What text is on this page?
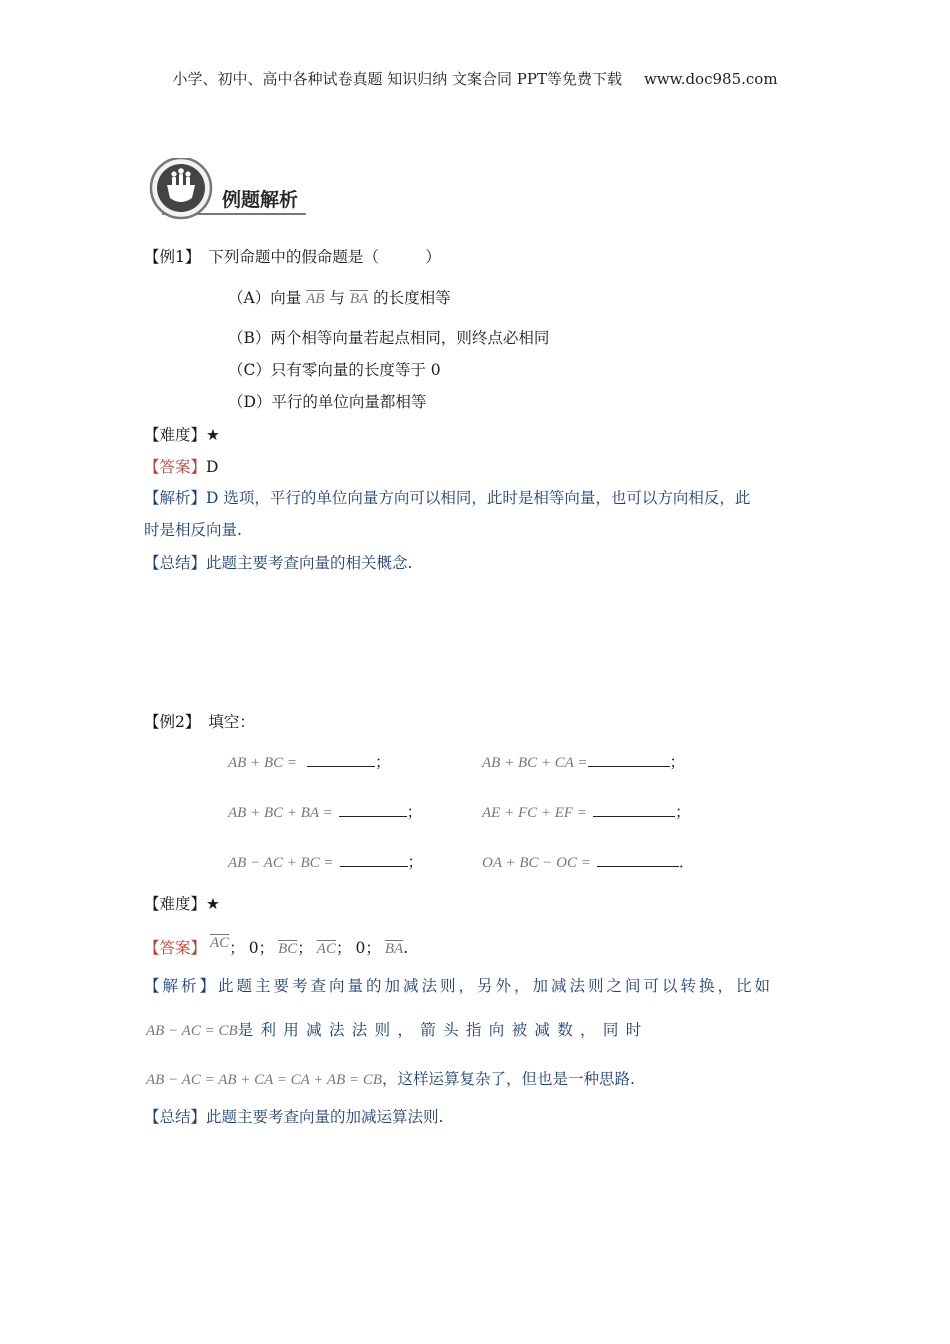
小学、初中、高中各种试卷真题 知识归纳 文案合同 PPT等免费下载 www.doc985.com
例题解析
【例1】 下列命题中的假命题是（　　　）
（A）向量 $\overline{AB}$ 与 $\overline{BA}$ 的长度相等
（B）两个相等向量若起点相同，则终点必相同
（C）只有零向量的长度等于 0
（D）平行的单位向量都相等
【难度】★
【答案】D
【解析】D 选项，平行的单位向量方向可以相同，此时是相等向量，也可以方向相反，此
时是相反向量.
【总结】此题主要考查向量的相关概念.
【例2】 填空：
AB + BC =	；	AB + BC + CA =	；
AB + BC + BA =	；	AE + FC + EF =	；
AB − AC + BC =	；	OA + BC − OC =	．
【难度】★
【答案】 $\overline{AC}$； 0； $\overline{BC}$； $\overline{AC}$； 0； $\overline{BA}$.
【解析】此题主要考查向量的加减法则，另外，加减法则之间可以转换，比如
AB − AC = CB是 利 用 减 法 法 则 ， 箭 头 指 向 被 减 数 ， 同 时
AB − AC = AB + CA = CA + AB = CB，这样运算复杂了，但也是一种思路.
【总结】此题主要考查向量的加减运算法则.
